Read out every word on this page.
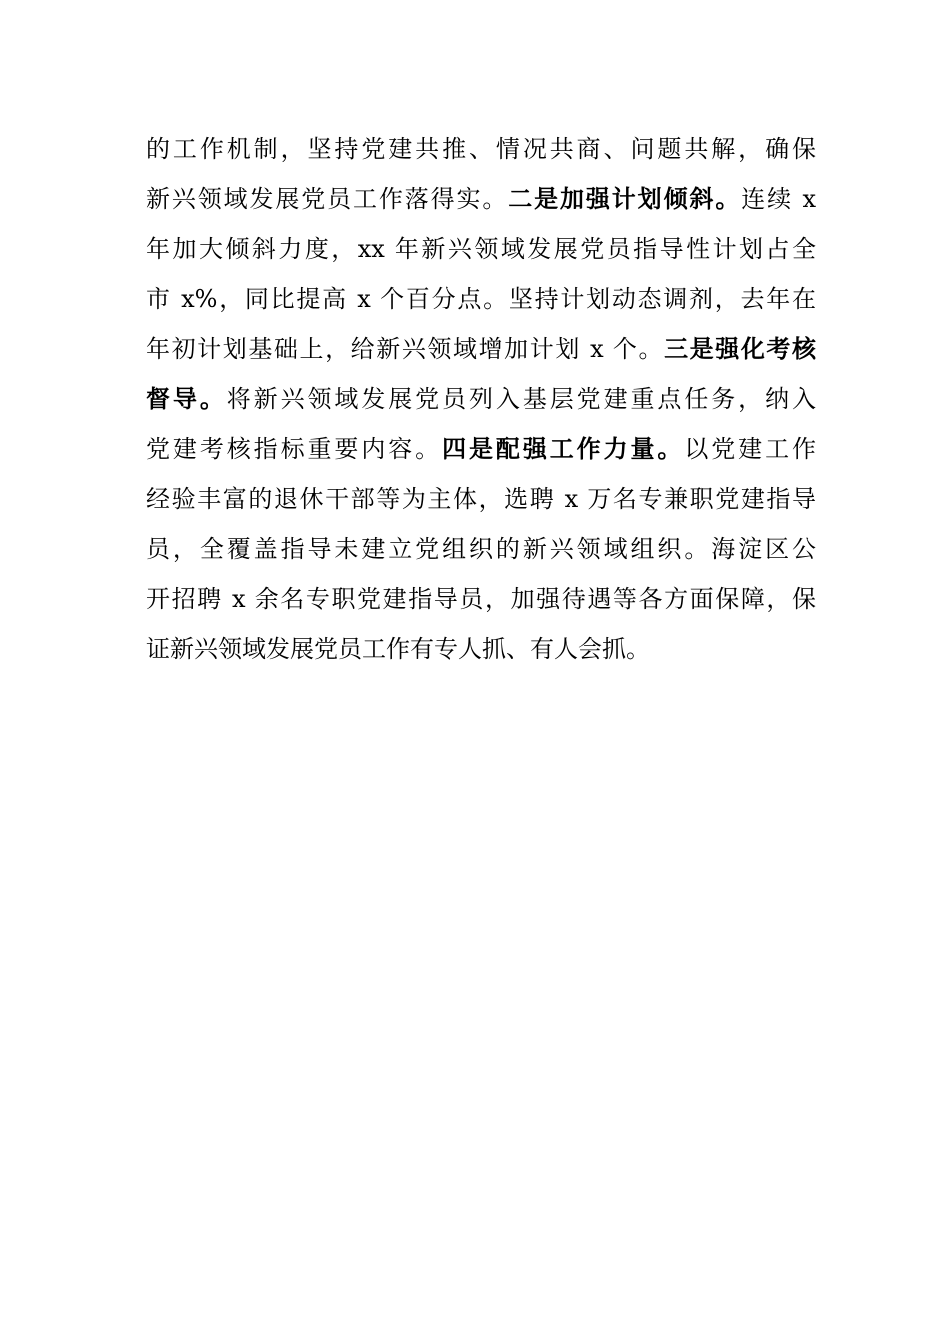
的工作机制，坚持党建共推、情况共商、问题共解，确保
新兴领域发展党员工作落得实。二是加强计划倾斜。连续 x
年加大倾斜力度，xx 年新兴领域发展党员指导性计划占全
市 x%，同比提高 x 个百分点。坚持计划动态调剂，去年在
年初计划基础上，给新兴领域增加计划 x 个。三是强化考核
督导。将新兴领域发展党员列入基层党建重点任务，纳入
党建考核指标重要内容。四是配强工作力量。以党建工作
经验丰富的退休干部等为主体，选聘 x 万名专兼职党建指导
员，全覆盖指导未建立党组织的新兴领域组织。海淀区公
开招聘 x 余名专职党建指导员，加强待遇等各方面保障，保
证新兴领域发展党员工作有专人抓、有人会抓。
